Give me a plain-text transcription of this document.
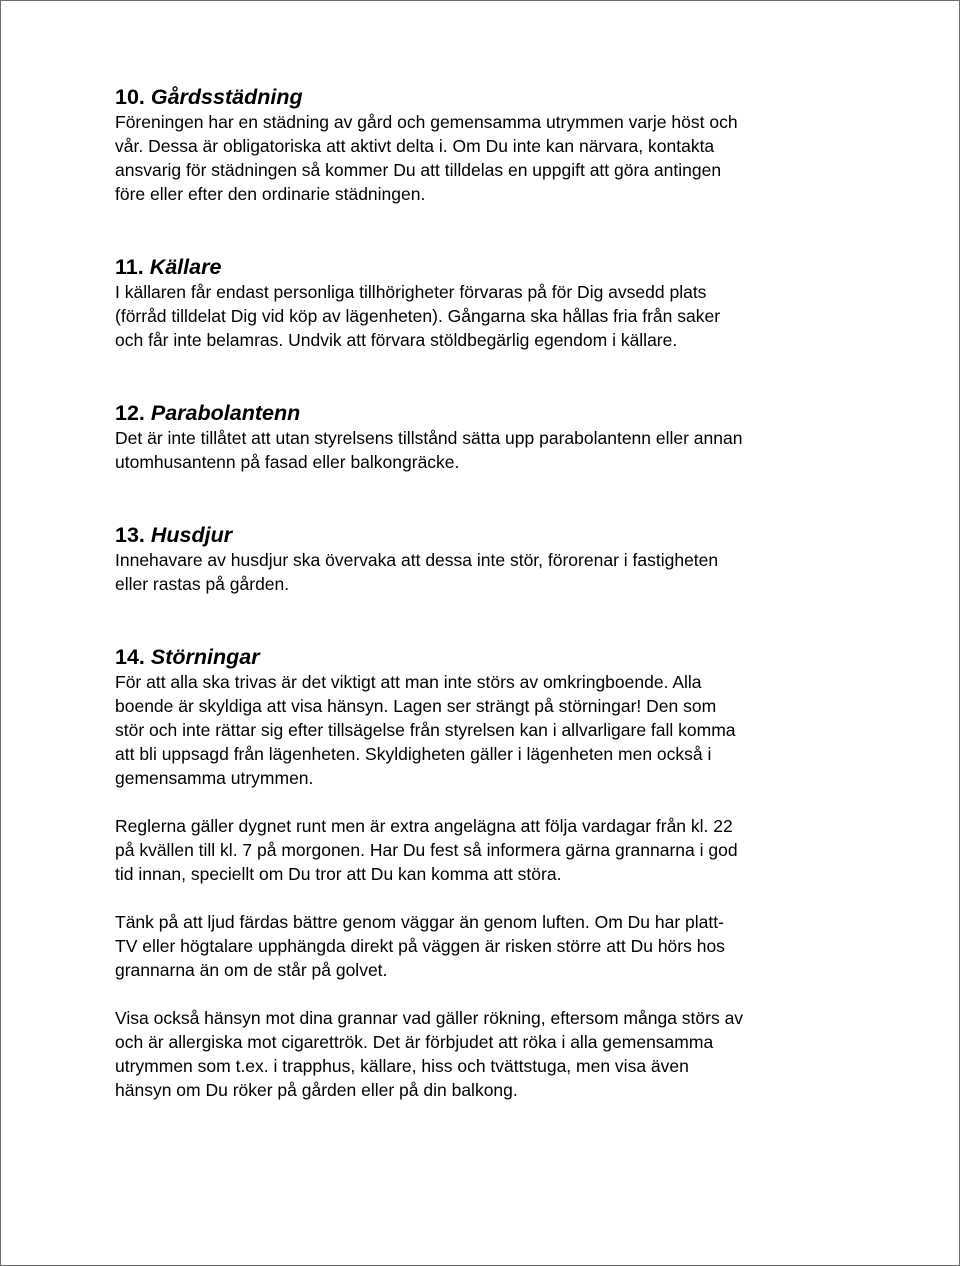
10. Gårdsstädning
Föreningen har en städning av gård och gemensamma utrymmen varje höst och
vår. Dessa är obligatoriska att aktivt delta i. Om Du inte kan närvara, kontakta
ansvarig för städningen så kommer Du att tilldelas en uppgift att göra antingen
före eller efter den ordinarie städningen.
11. Källare
I källaren får endast personliga tillhörigheter förvaras på för Dig avsedd plats
(förråd tilldelat Dig vid köp av lägenheten). Gångarna ska hållas fria från saker
och får inte belamras. Undvik att förvara stöldbegärlig egendom i källare.
12. Parabolantenn
Det är inte tillåtet att utan styrelsens tillstånd sätta upp parabolantenn eller annan
utomhusantenn på fasad eller balkongräcke.
13. Husdjur
Innehavare av husdjur ska övervaka att dessa inte stör, förorenar i fastigheten
eller rastas på gården.
14. Störningar
För att alla ska trivas är det viktigt att man inte störs av omkringboende. Alla
boende är skyldiga att visa hänsyn. Lagen ser strängt på störningar! Den som
stör och inte rättar sig efter tillsägelse från styrelsen kan i allvarligare fall komma
att bli uppsagd från lägenheten. Skyldigheten gäller i lägenheten men också i
gemensamma utrymmen.
Reglerna gäller dygnet runt men är extra angelägna att följa vardagar från kl. 22
på kvällen till kl. 7 på morgonen. Har Du fest så informera gärna grannarna i god
tid innan, speciellt om Du tror att Du kan komma att störa.
Tänk på att ljud färdas bättre genom väggar än genom luften. Om Du har platt-
TV eller högtalare upphängda direkt på väggen är risken större att Du hörs hos
grannarna än om de står på golvet.
Visa också hänsyn mot dina grannar vad gäller rökning, eftersom många störs av
och är allergiska mot cigarettrök. Det är förbjudet att röka i alla gemensamma
utrymmen som t.ex. i trapphus, källare, hiss och tvättstuga, men visa även
hänsyn om Du röker på gården eller på din balkong.
